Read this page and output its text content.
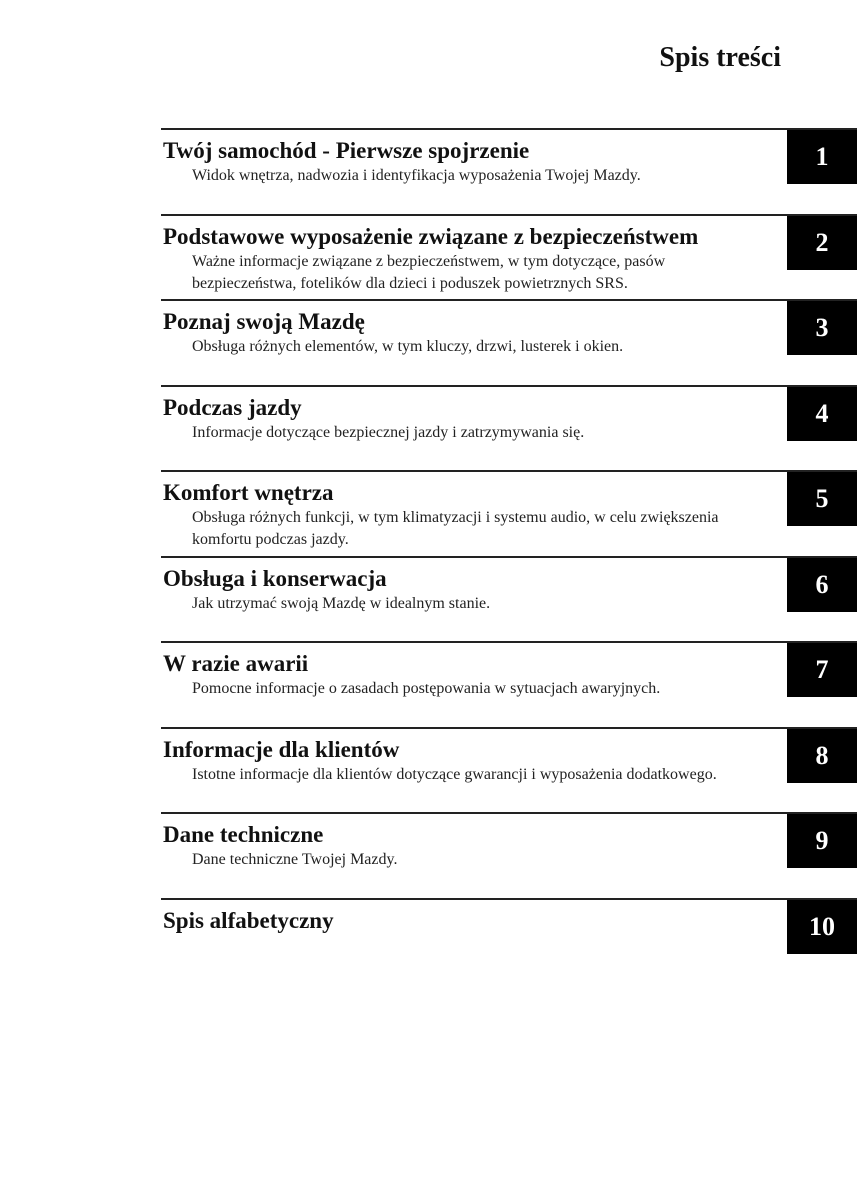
Spis treści

Twój samochód - Pierwsze spojrzenie

Widok wnętrza, nadwozia i identyfikacja wyposażenia Twojej Mazdy.

1

Podstawowe wyposażenie związane z bezpieczeństwem

Ważne informacje związane z bezpieczeństwem, w tym dotyczące, pasów bezpieczeństwa, fotelików dla dzieci i poduszek powietrznych SRS.

2

Poznaj swoją Mazdę

Obsługa różnych elementów, w tym kluczy, drzwi, lusterek i okien.

3

Podczas jazdy

Informacje dotyczące bezpiecznej jazdy i zatrzymywania się.

4

Komfort wnętrza

Obsługa różnych funkcji, w tym klimatyzacji i systemu audio, w celu zwiększenia komfortu podczas jazdy.

5

Obsługa i konserwacja

Jak utrzymać swoją Mazdę w idealnym stanie.

6

W razie awarii

Pomocne informacje o zasadach postępowania w sytuacjach awaryjnych.

7

Informacje dla klientów

Istotne informacje dla klientów dotyczące gwarancji i wyposażenia dodatkowego.

8

Dane techniczne

Dane techniczne Twojej Mazdy.

9

Spis alfabetyczny	10
